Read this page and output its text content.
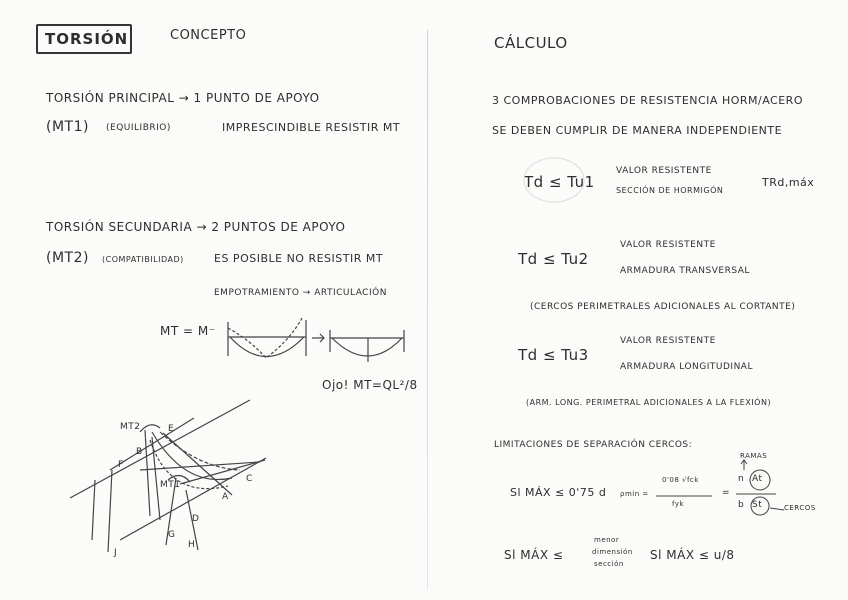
TORSIÓN	CONCEPTO
TORSIÓN PRINCIPAL → 1 PUNTO DE APOYO
(MT1) (EQUILIBRIO)	IMPRESCINDIBLE RESISTIR MT
TORSIÓN SECUNDARIA → 2 PUNTOS DE APOYO
(MT2) (COMPATIBILIDAD)	ES POSIBLE NO RESISTIR MT
EMPOTRAMIENTO → ARTICULACIÓN
MT = M⁻
Ojo! MT=QL²/8
MT2
MT1
A
B
C
D
E
F
G
H
J
CÁLCULO
3 COMPROBACIONES DE RESISTENCIA HORM/ACERO
SE DEBEN CUMPLIR DE MANERA INDEPENDIENTE
Td ≤ Tu1
VALOR RESISTENTE
SECCIÓN DE HORMIGÓN
TRd,máx
Td ≤ Tu2
VALOR RESISTENTE
ARMADURA TRANSVERSAL
(CERCOS PERIMETRALES ADICIONALES AL CORTANTE)
Td ≤ Tu3
VALOR RESISTENTE
ARMADURA LONGITUDINAL
(ARM. LONG. PERIMETRAL ADICIONALES A LA FLEXIÓN)
LIMITACIONES DE SEPARACIÓN CERCOS:
Sl MÁX ≤ 0'75 d ρmin =
0'08 √fck
fyk
=
n At
b St
RAMAS
CERCOS
Sl MÁX ≤
menor
dimensión
sección
Sl MÁX ≤ u/8
